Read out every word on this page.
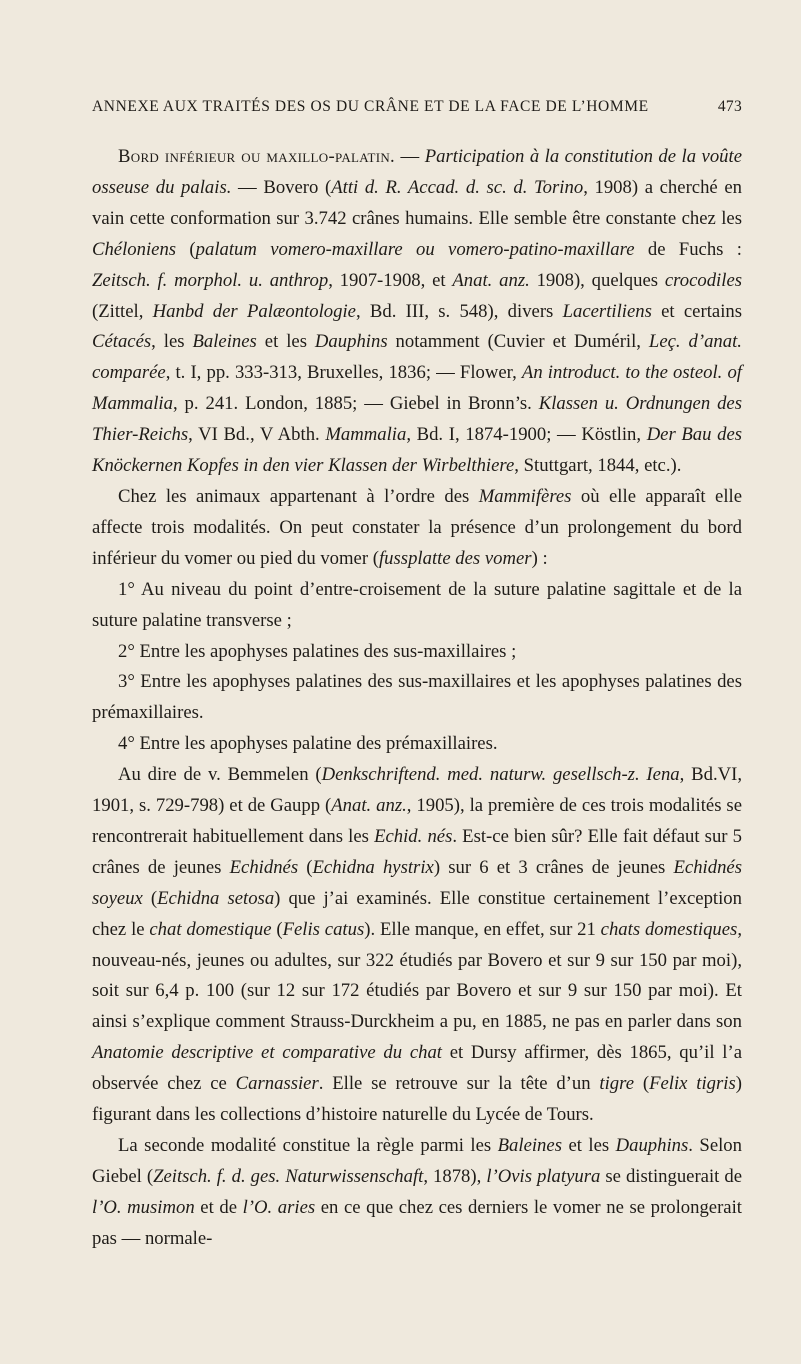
ANNEXE AUX TRAITÉS DES OS DU CRÂNE ET DE LA FACE DE L’HOMME	473

Bord inférieur ou maxillo-palatin. — Participation à la constitution de la voûte osseuse du palais. — Bovero (Atti d. R. Accad. d. sc. d. Torino, 1908) a cherché en vain cette conformation sur 3.742 crânes humains. Elle semble être constante chez les Chéloniens (palatum vomero-maxillare ou vomero-patino-maxillare de Fuchs : Zeitsch. f. morphol. u. anthrop, 1907-1908, et Anat. anz. 1908), quelques crocodiles (Zittel, Hanbd der Palæontologie, Bd. III, s. 548), divers Lacertiliens et certains Cétacés, les Baleines et les Dauphins notamment (Cuvier et Duméril, Leç. d’anat. comparée, t. I, pp. 333-313, Bruxelles, 1836; — Flower, An introduct. to the osteol. of Mammalia, p. 241. London, 1885; — Giebel in Bronn’s. Klassen u. Ordnungen des Thier-Reichs, VI Bd., V Abth. Mammalia, Bd. I, 1874-1900; — Köstlin, Der Bau des Knöckernen Kopfes in den vier Klassen der Wirbelthiere, Stuttgart, 1844, etc.).

Chez les animaux appartenant à l’ordre des Mammifères où elle apparaît elle affecte trois modalités. On peut constater la présence d’un prolongement du bord inférieur du vomer ou pied du vomer (fussplatte des vomer) :

1° Au niveau du point d’entre-croisement de la suture palatine sagittale et de la suture palatine transverse ;

2° Entre les apophyses palatines des sus-maxillaires ;

3° Entre les apophyses palatines des sus-maxillaires et les apophyses palatines des prémaxillaires.

4° Entre les apophyses palatine des prémaxillaires.

Au dire de v. Bemmelen (Denkschriftend. med. naturw. gesellsch-z. Iena, Bd.VI, 1901, s. 729-798) et de Gaupp (Anat. anz., 1905), la première de ces trois modalités se rencontrerait habituellement dans les Echid. nés. Est-ce bien sûr? Elle fait défaut sur 5 crânes de jeunes Echidnés (Echidna hystrix) sur 6 et 3 crânes de jeunes Echidnés soyeux (Echidna setosa) que j’ai examinés. Elle constitue certainement l’exception chez le chat domestique (Felis catus). Elle manque, en effet, sur 21 chats domestiques, nouveau-nés, jeunes ou adultes, sur 322 étudiés par Bovero et sur 9 sur 150 par moi), soit sur 6,4 p. 100 (sur 12 sur 172 étudiés par Bovero et sur 9 sur 150 par moi). Et ainsi s’explique comment Strauss-Durckheim a pu, en 1885, ne pas en parler dans son Anatomie descriptive et comparative du chat et Dursy affirmer, dès 1865, qu’il l’a observée chez ce Carnassier. Elle se retrouve sur la tête d’un tigre (Felix tigris) figurant dans les collections d’histoire naturelle du Lycée de Tours.

La seconde modalité constitue la règle parmi les Baleines et les Dauphins. Selon Giebel (Zeitsch. f. d. ges. Naturwissenschaft, 1878), l’Ovis platyura se distinguerait de l’O. musimon et de l’O. aries en ce que chez ces derniers le vomer ne se prolongerait pas — normale-
